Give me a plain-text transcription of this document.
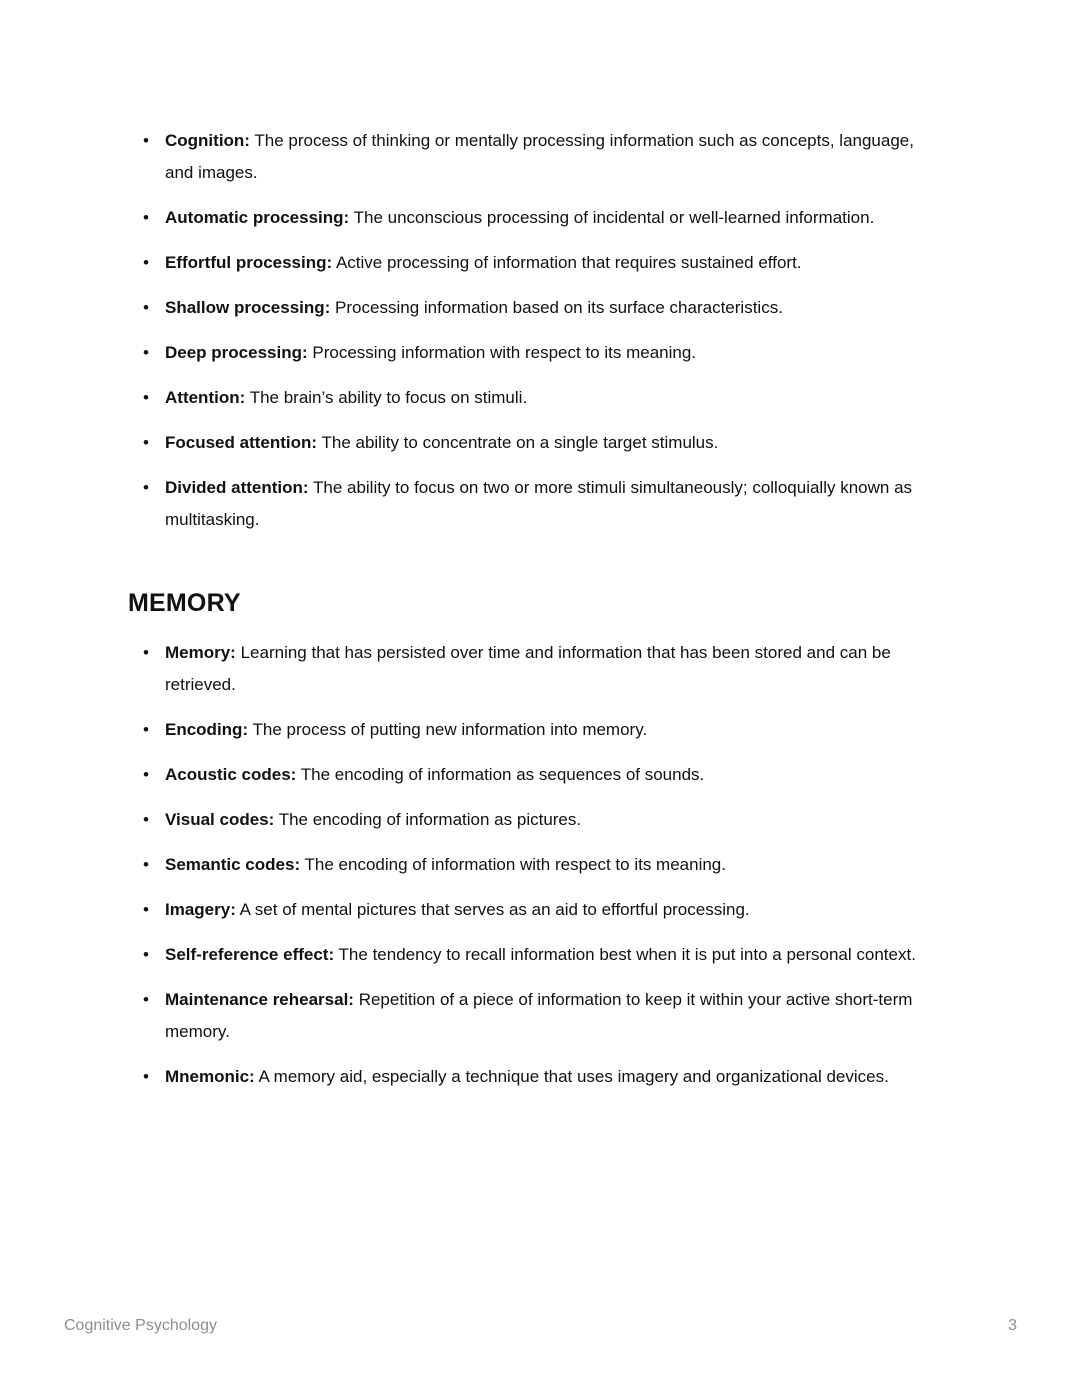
• Cognition: The process of thinking or mentally processing information such as concepts, language, and images.
• Automatic processing: The unconscious processing of incidental or well-learned information.
• Effortful processing: Active processing of information that requires sustained effort.
• Shallow processing: Processing information based on its surface characteristics.
• Deep processing: Processing information with respect to its meaning.
• Attention: The brain’s ability to focus on stimuli.
• Focused attention: The ability to concentrate on a single target stimulus.
• Divided attention: The ability to focus on two or more stimuli simultaneously; colloquially known as multitasking.
MEMORY
• Memory: Learning that has persisted over time and information that has been stored and can be retrieved.
• Encoding: The process of putting new information into memory.
• Acoustic codes: The encoding of information as sequences of sounds.
• Visual codes: The encoding of information as pictures.
• Semantic codes: The encoding of information with respect to its meaning.
• Imagery: A set of mental pictures that serves as an aid to effortful processing.
• Self-reference effect: The tendency to recall information best when it is put into a personal context.
• Maintenance rehearsal: Repetition of a piece of information to keep it within your active short-term memory.
• Mnemonic: A memory aid, especially a technique that uses imagery and organizational devices.
Cognitive Psychology	3
